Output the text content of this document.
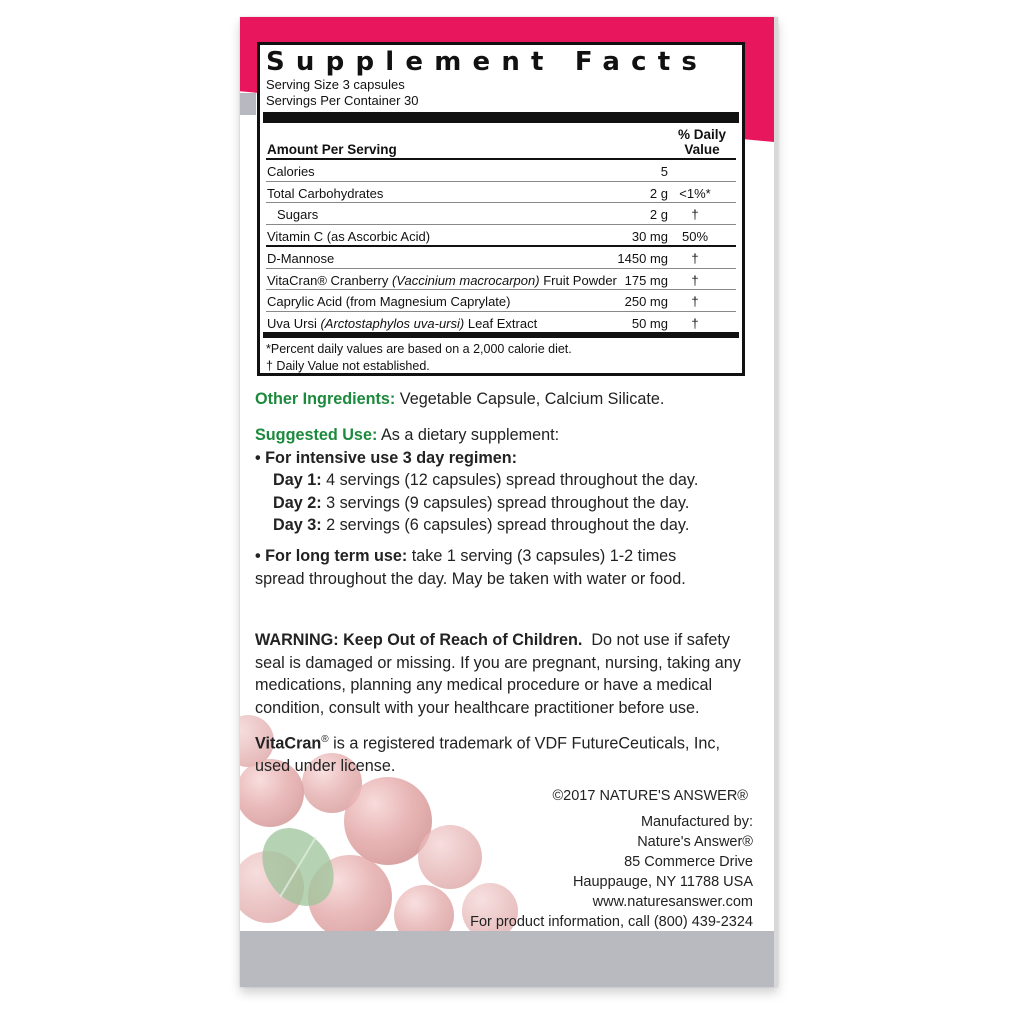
Supplement Facts
Serving Size 3 capsules
Servings Per Container 30
Amount Per Serving
% Daily
Value
Calories	5
Total Carbohydrates	2 g <1%*
Sugars	2 g	†
Vitamin C (as Ascorbic Acid)	30 mg	50%
D-Mannose	1450 mg	†
VitaCran® Cranberry (Vaccinium macrocarpon) Fruit Powder 175 mg	†
Caprylic Acid (from Magnesium Caprylate)	250 mg	†
Uva Ursi (Arctostaphylos uva-ursi) Leaf Extract	50 mg	†
*Percent daily values are based on a 2,000 calorie diet.
† Daily Value not established.
Other Ingredients: Vegetable Capsule, Calcium Silicate.
Suggested Use: As a dietary supplement:
• For intensive use 3 day regimen:
Day 1: 4 servings (12 capsules) spread throughout the day.
Day 2: 3 servings (9 capsules) spread throughout the day.
Day 3: 2 servings (6 capsules) spread throughout the day.
• For long term use: take 1 serving (3 capsules) 1-2 times
spread throughout the day. May be taken with water or food.
WARNING: Keep Out of Reach of Children.  Do not use if safety
seal is damaged or missing. If you are pregnant, nursing, taking any
medications, planning any medical procedure or have a medical
condition, consult with your healthcare practitioner before use.
VitaCran® is a registered trademark of VDF FutureCeuticals, Inc,
used under license.
©2017 NATURE'S ANSWER®
Manufactured by:
Nature's Answer®
85 Commerce Drive
Hauppauge, NY 11788 USA
www.naturesanswer.com
For product information, call (800) 439-2324
